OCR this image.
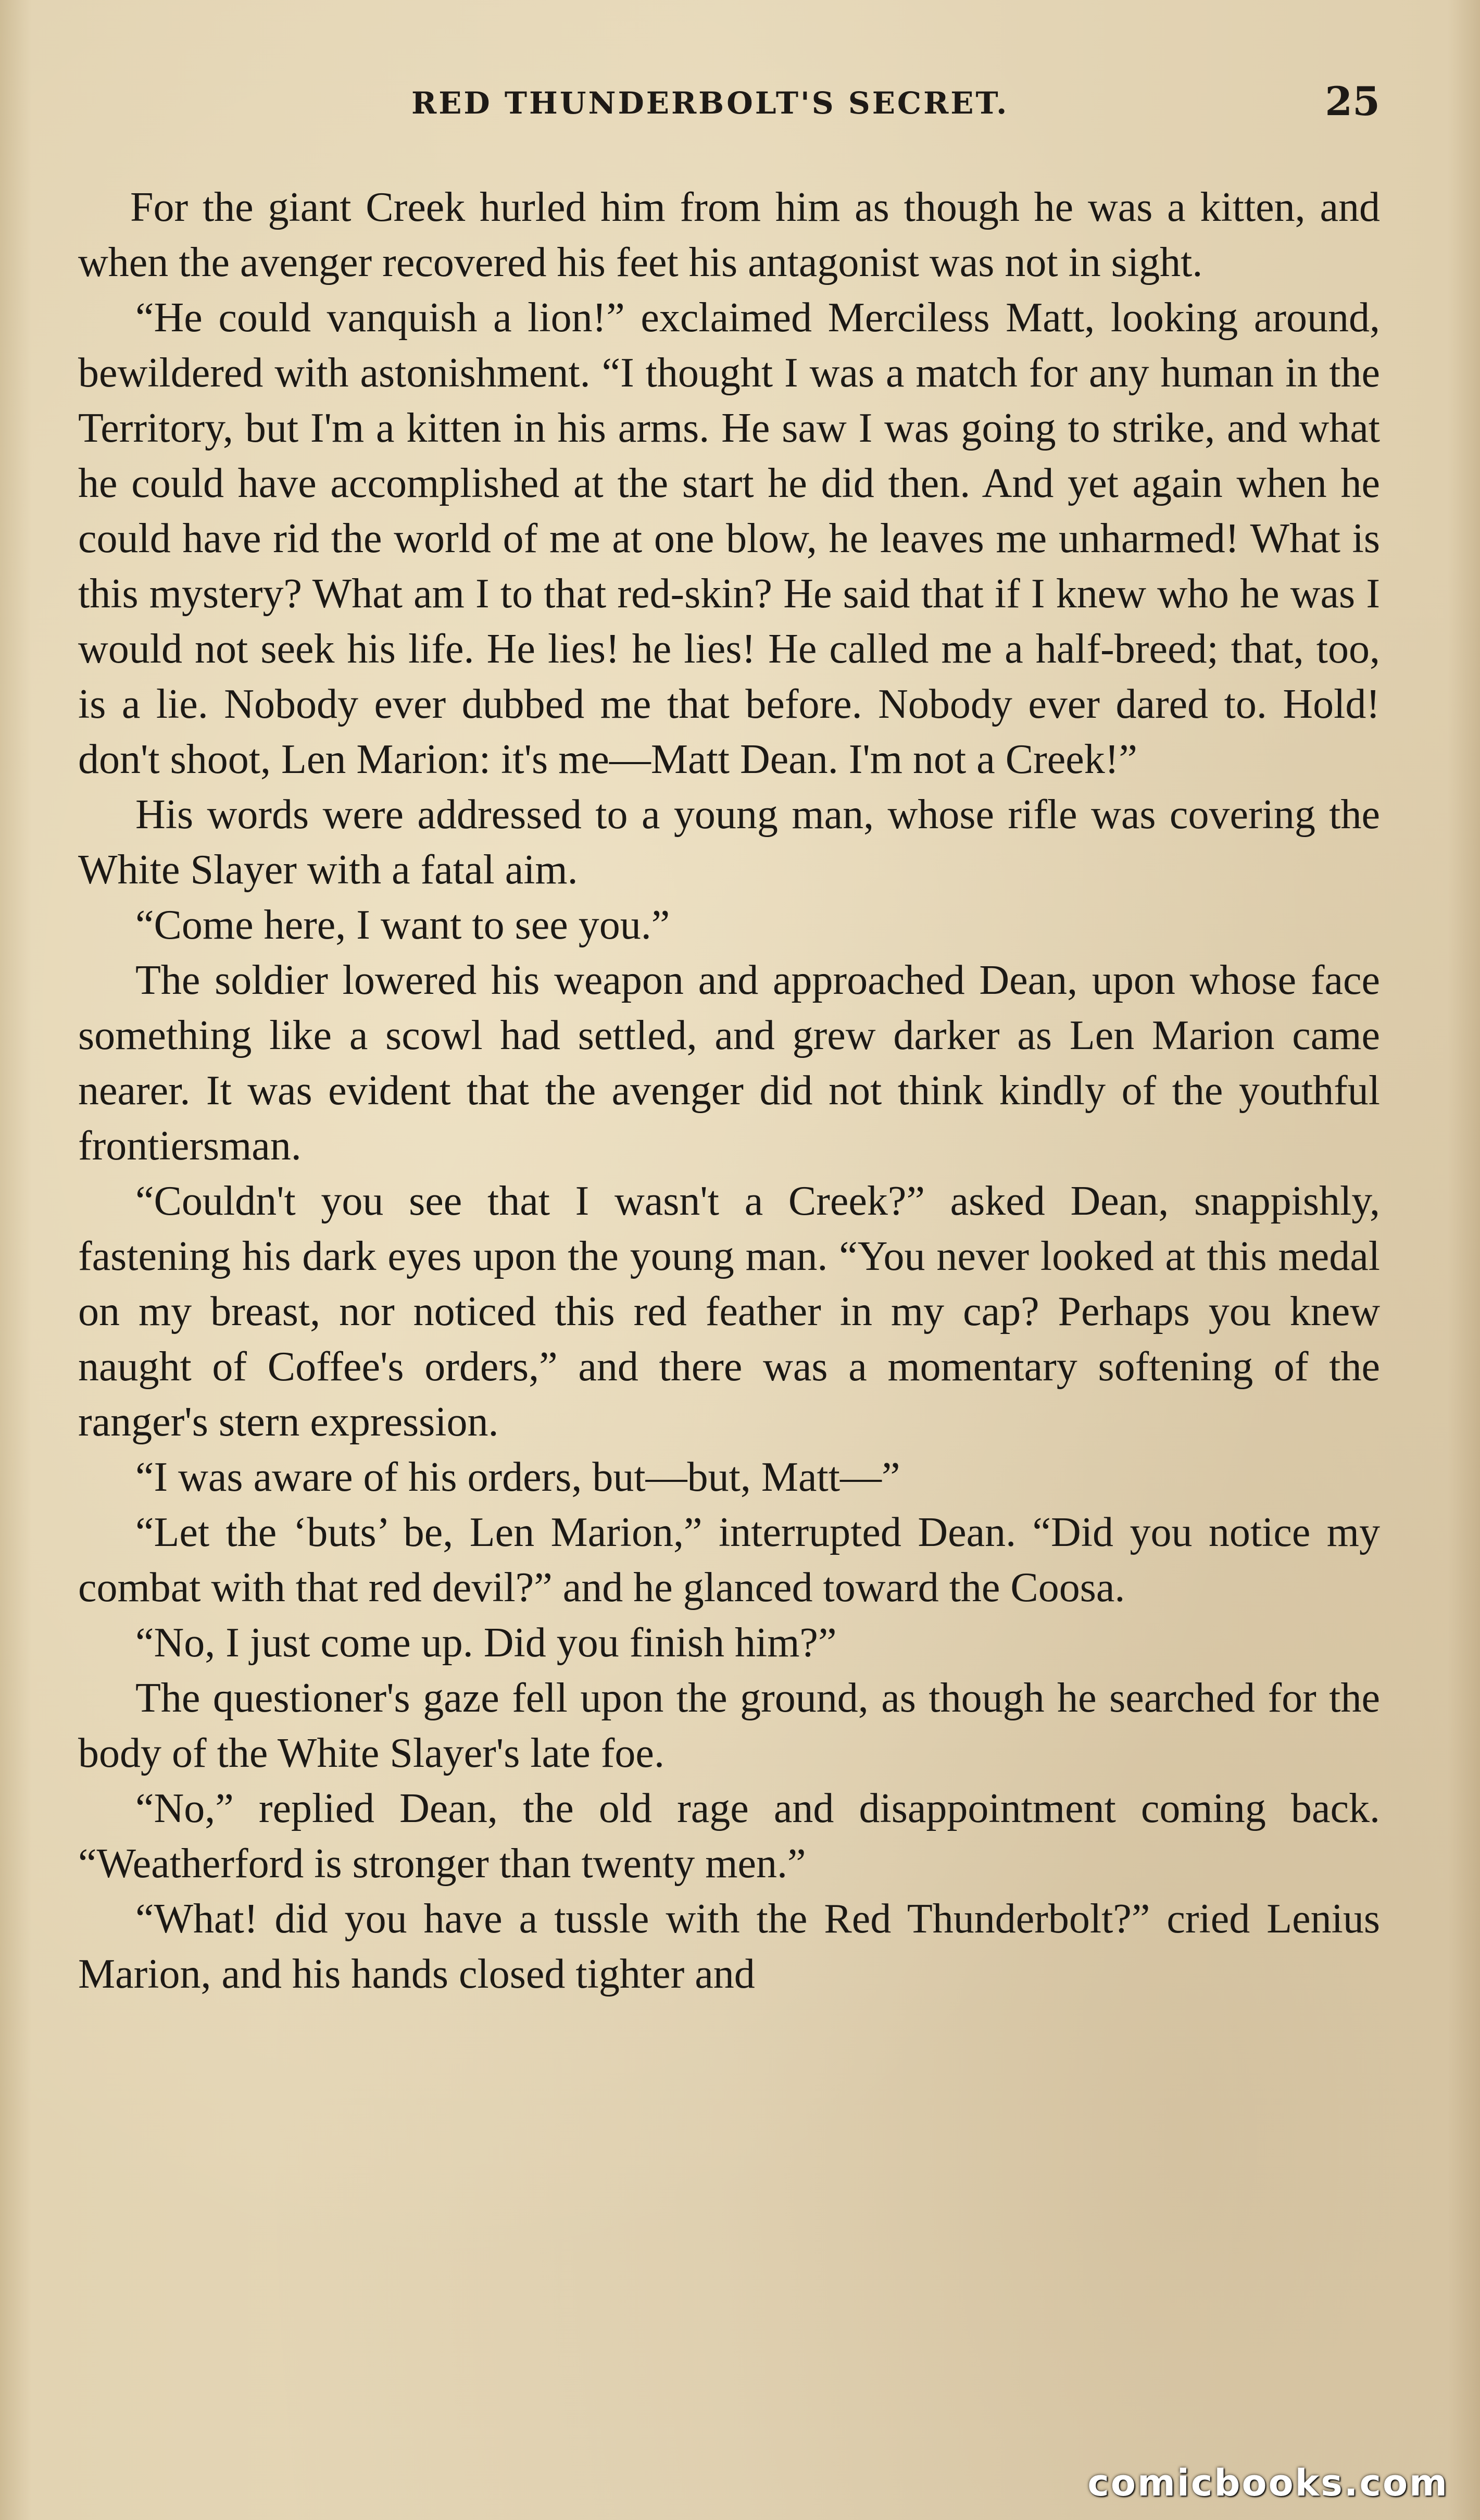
RED THUNDERBOLT'S SECRET.	25

For the giant Creek hurled him from him as though he was a kitten, and when the avenger recovered his feet his antagonist was not in sight.

“He could vanquish a lion!” exclaimed Merciless Matt, looking around, bewildered with astonishment. “I thought I was a match for any human in the Territory, but I'm a kitten in his arms. He saw I was going to strike, and what he could have accomplished at the start he did then. And yet again when he could have rid the world of me at one blow, he leaves me unharmed! What is this mystery? What am I to that red-skin? He said that if I knew who he was I would not seek his life. He lies! he lies! He called me a half-breed; that, too, is a lie. Nobody ever dubbed me that before. Nobody ever dared to. Hold! don't shoot, Len Marion: it's me—Matt Dean. I'm not a Creek!”

His words were addressed to a young man, whose rifle was covering the White Slayer with a fatal aim.

“Come here, I want to see you.”

The soldier lowered his weapon and approached Dean, upon whose face something like a scowl had settled, and grew darker as Len Marion came nearer. It was evident that the avenger did not think kindly of the youthful frontiersman.

“Couldn't you see that I wasn't a Creek?” asked Dean, snappishly, fastening his dark eyes upon the young man. “You never looked at this medal on my breast, nor noticed this red feather in my cap? Perhaps you knew naught of Coffee's orders,” and there was a momentary softening of the ranger's stern expression.

“I was aware of his orders, but—but, Matt—”

“Let the ‘buts’ be, Len Marion,” interrupted Dean. “Did you notice my combat with that red devil?” and he glanced toward the Coosa.

“No, I just come up. Did you finish him?”

The questioner's gaze fell upon the ground, as though he searched for the body of the White Slayer's late foe.

“No,” replied Dean, the old rage and disappointment coming back. “Weatherford is stronger than twenty men.”

“What! did you have a tussle with the Red Thunderbolt?” cried Lenius Marion, and his hands closed tighter and

comicbooks.com
